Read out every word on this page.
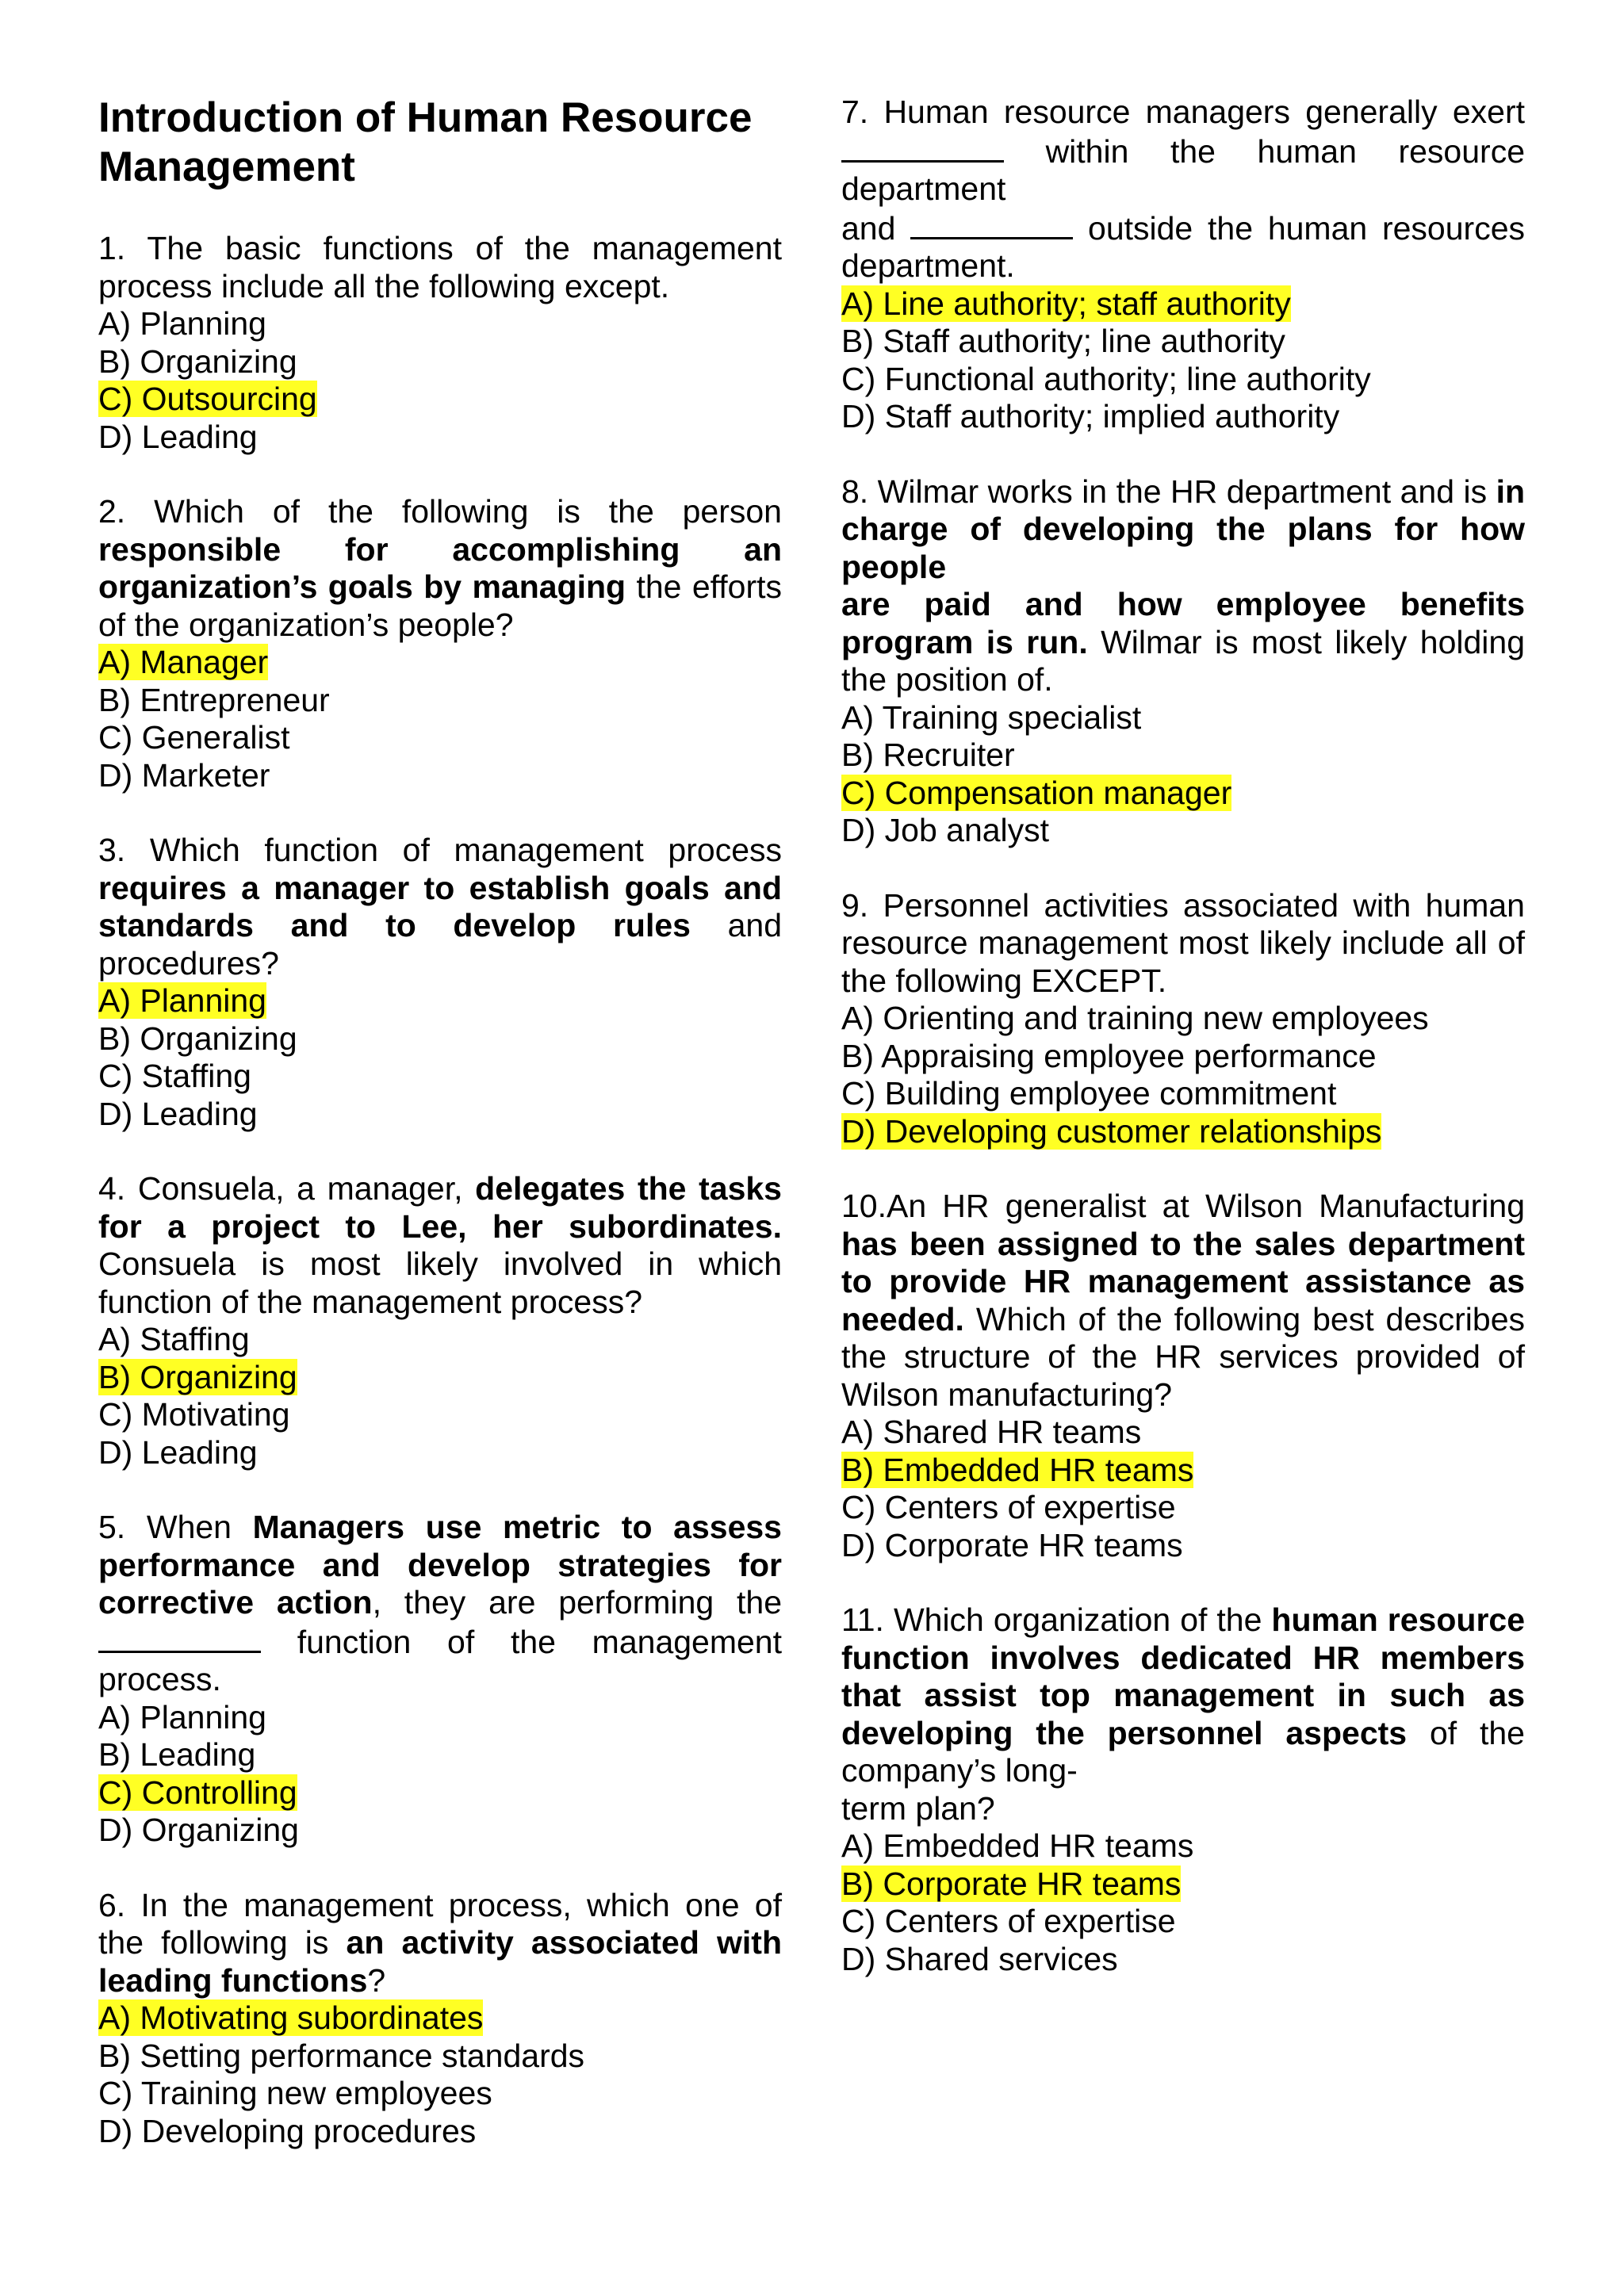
Introduction of Human Resource Management

1. The basic functions of the management process include all the following except.

A) Planning
B) Organizing
C) Outsourcing
D) Leading

2. Which of the following is the person responsible for accomplishing an organization’s goals by managing the efforts of the organization’s people?

A) Manager
B) Entrepreneur
C) Generalist
D) Marketer

3. Which function of management process requires a manager to establish goals and standards and to develop rules and procedures?

A) Planning
B) Organizing
C) Staffing
D) Leading

4. Consuela, a manager, delegates the tasks for a project to Lee, her subordinates. Consuela is most likely involved in which function of the management process?

A) Staffing
B) Organizing
C) Motivating
D) Leading

5. When Managers use metric to assess performance and develop strategies for corrective action, they are performing the function of the management process.

A) Planning
B) Leading
C) Controlling
D) Organizing

6. In the management process, which one of the following is an activity associated with leading functions?

A) Motivating subordinates
B) Setting performance standards
C) Training new employees
D) Developing procedures

7. Human resource managers generally exert  within the human resource department
and	outside the human resources department.

A) Line authority; staff authority
B) Staff authority; line authority
C) Functional authority; line authority
D) Staff authority; implied authority

8. Wilmar works in the HR department and is in charge of developing the plans for how people
are paid and how employee benefits program is run. Wilmar is most likely holding the position of.

A) Training specialist
B) Recruiter
C) Compensation manager
D) Job analyst

9. Personnel activities associated with human resource management most likely include all of the following EXCEPT.

A) Orienting and training new employees
B) Appraising employee performance
C) Building employee commitment
D) Developing customer relationships

10.An HR generalist at Wilson Manufacturing has been assigned to the sales department to provide HR management assistance as needed. Which of the following best describes the structure of the HR services provided of Wilson manufacturing?

A) Shared HR teams
B) Embedded HR teams
C) Centers of expertise
D) Corporate HR teams

11. Which organization of the human resource function involves dedicated HR members that assist top management in such as developing the personnel aspects of the company’s long-
term plan?

A) Embedded HR teams
B) Corporate HR teams
C) Centers of expertise
D) Shared services
